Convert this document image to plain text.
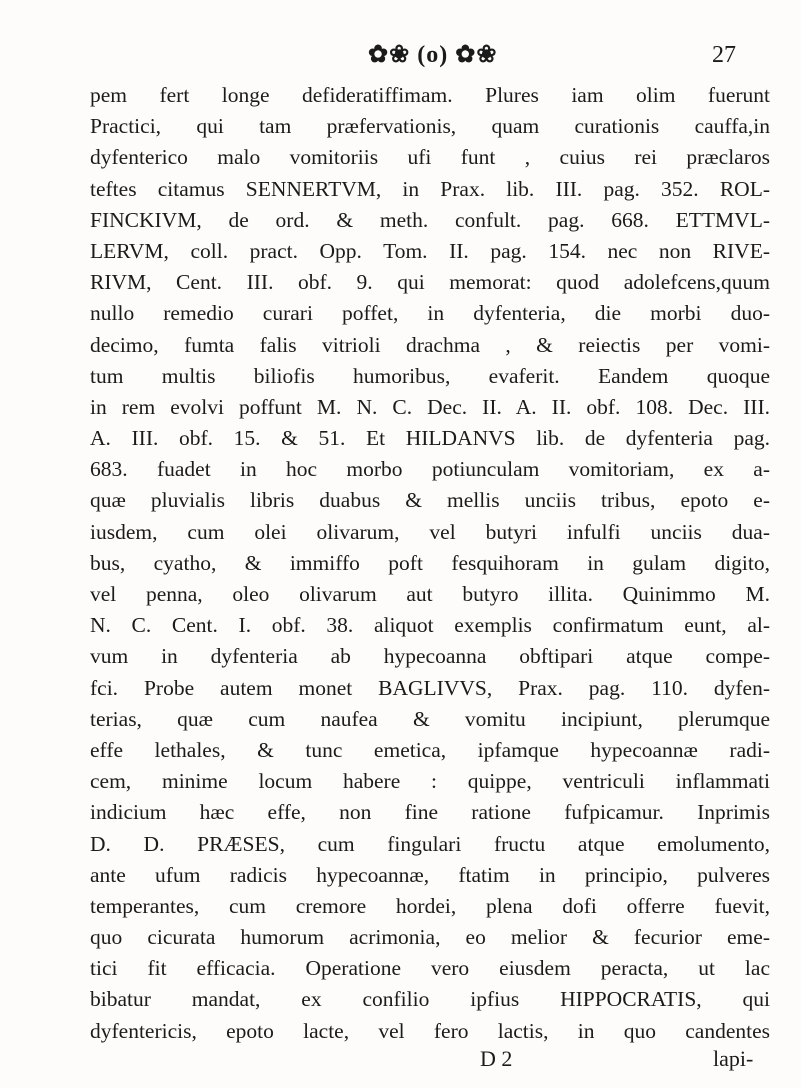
✿❀ (o) ✿❀	27
pem fert longe defideratiffimam. Plures iam olim fuerunt
Practici, qui tam præfervationis, quam curationis cauffa,in
dyfenterico malo vomitoriis ufi funt , cuius rei præclaros
teftes citamus SENNERTVM, in Prax. lib. III. pag. 352. ROL-
FINCKIVM, de ord. & meth. confult. pag. 668. ETTMVL-
LERVM, coll. pract. Opp. Tom. II. pag. 154. nec non RIVE-
RIVM, Cent. III. obf. 9. qui memorat: quod adolefcens,quum
nullo remedio curari poffet, in dyfenteria, die morbi duo-
decimo, fumta falis vitrioli drachma , & reiectis per vomi-
tum multis biliofis humoribus, evaferit. Eandem quoque
in rem evolvi poffunt M. N. C. Dec. II. A. II. obf. 108. Dec. III.
A. III. obf. 15. & 51. Et HILDANVS lib. de dyfenteria pag.
683. fuadet in hoc morbo potiunculam vomitoriam, ex a-
quæ pluvialis libris duabus & mellis unciis tribus, epoto e-
iusdem, cum olei olivarum, vel butyri infulfi unciis dua-
bus, cyatho, & immiffo poft fesquihoram in gulam digito,
vel penna, oleo olivarum aut butyro illita. Quinimmo M.
N. C. Cent. I. obf. 38. aliquot exemplis confirmatum eunt, al-
vum in dyfenteria ab hypecoanna obftipari atque compe-
fci. Probe autem monet BAGLIVVS, Prax. pag. 110. dyfen-
terias, quæ cum naufea & vomitu incipiunt, plerumque
effe lethales, & tunc emetica, ipfamque hypecoannæ radi-
cem, minime locum habere : quippe, ventriculi inflammati
indicium hæc effe, non fine ratione fufpicamur. Inprimis
D. D. PRÆSES, cum fingulari fructu atque emolumento,
ante ufum radicis hypecoannæ, ftatim in principio, pulveres
temperantes, cum cremore hordei, plena dofi offerre fuevit,
quo cicurata humorum acrimonia, eo melior & fecurior eme-
tici fit efficacia. Operatione vero eiusdem peracta, ut lac
bibatur mandat, ex confilio ipfius HIPPOCRATIS, qui
dyfentericis, epoto lacte, vel fero lactis, in quo candentes
D 2	lapi-
